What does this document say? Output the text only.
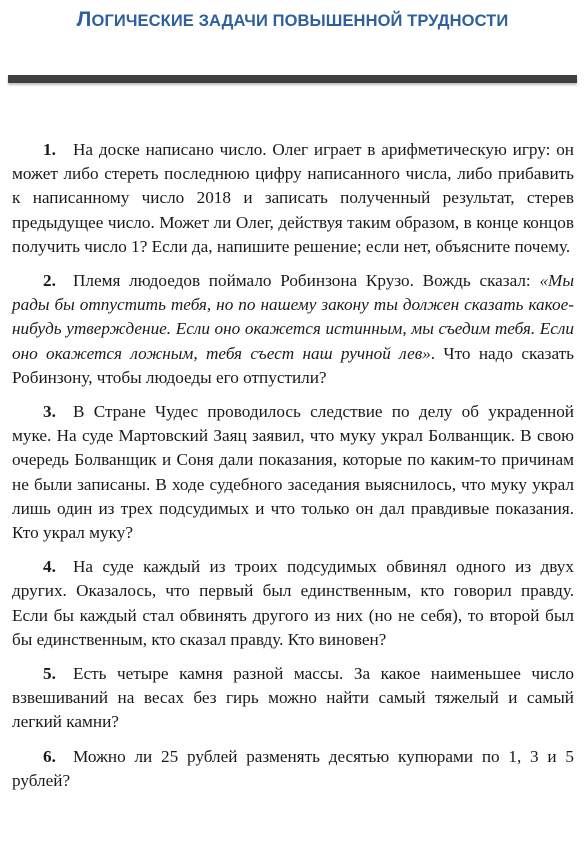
ЛОГИЧЕСКИЕ ЗАДАЧИ ПОВЫШЕННОЙ ТРУДНОСТИ

1. На доске написано число. Олег играет в арифметическую игру: он может либо стереть последнюю цифру написанного числа, либо прибавить к написанному число 2018 и записать полученный результат, стерев предыдущее число. Может ли Олег, действуя таким образом, в конце концов получить число 1? Если да, напишите решение; если нет, объясните почему.

2. Племя людоедов поймало Робинзона Крузо. Вождь сказал: «Мы рады бы отпустить тебя, но по нашему закону ты должен сказать какое-нибудь утверждение. Если оно окажется истинным, мы съедим тебя. Если оно окажется ложным, тебя съест наш ручной лев». Что надо сказать Робинзону, чтобы людоеды его отпустили?

3. В Стране Чудес проводилось следствие по делу об украденной муке. На суде Мартовский Заяц заявил, что муку украл Болванщик. В свою очередь Болванщик и Соня дали показания, которые по каким-то причинам не были записаны. В ходе судебного заседания выяснилось, что муку украл лишь один из трех подсудимых и что только он дал правдивые показания. Кто украл муку?

4. На суде каждый из троих подсудимых обвинял одного из двух других. Оказалось, что первый был единственным, кто говорил правду. Если бы каждый стал обвинять другого из них (но не себя), то второй был бы единственным, кто сказал правду. Кто виновен?

5. Есть четыре камня разной массы. За какое наименьшее число взвешиваний на весах без гирь можно найти самый тяжелый и самый легкий камни?

6. Можно ли 25 рублей разменять десятью купюрами по 1, 3 и 5 рублей?
